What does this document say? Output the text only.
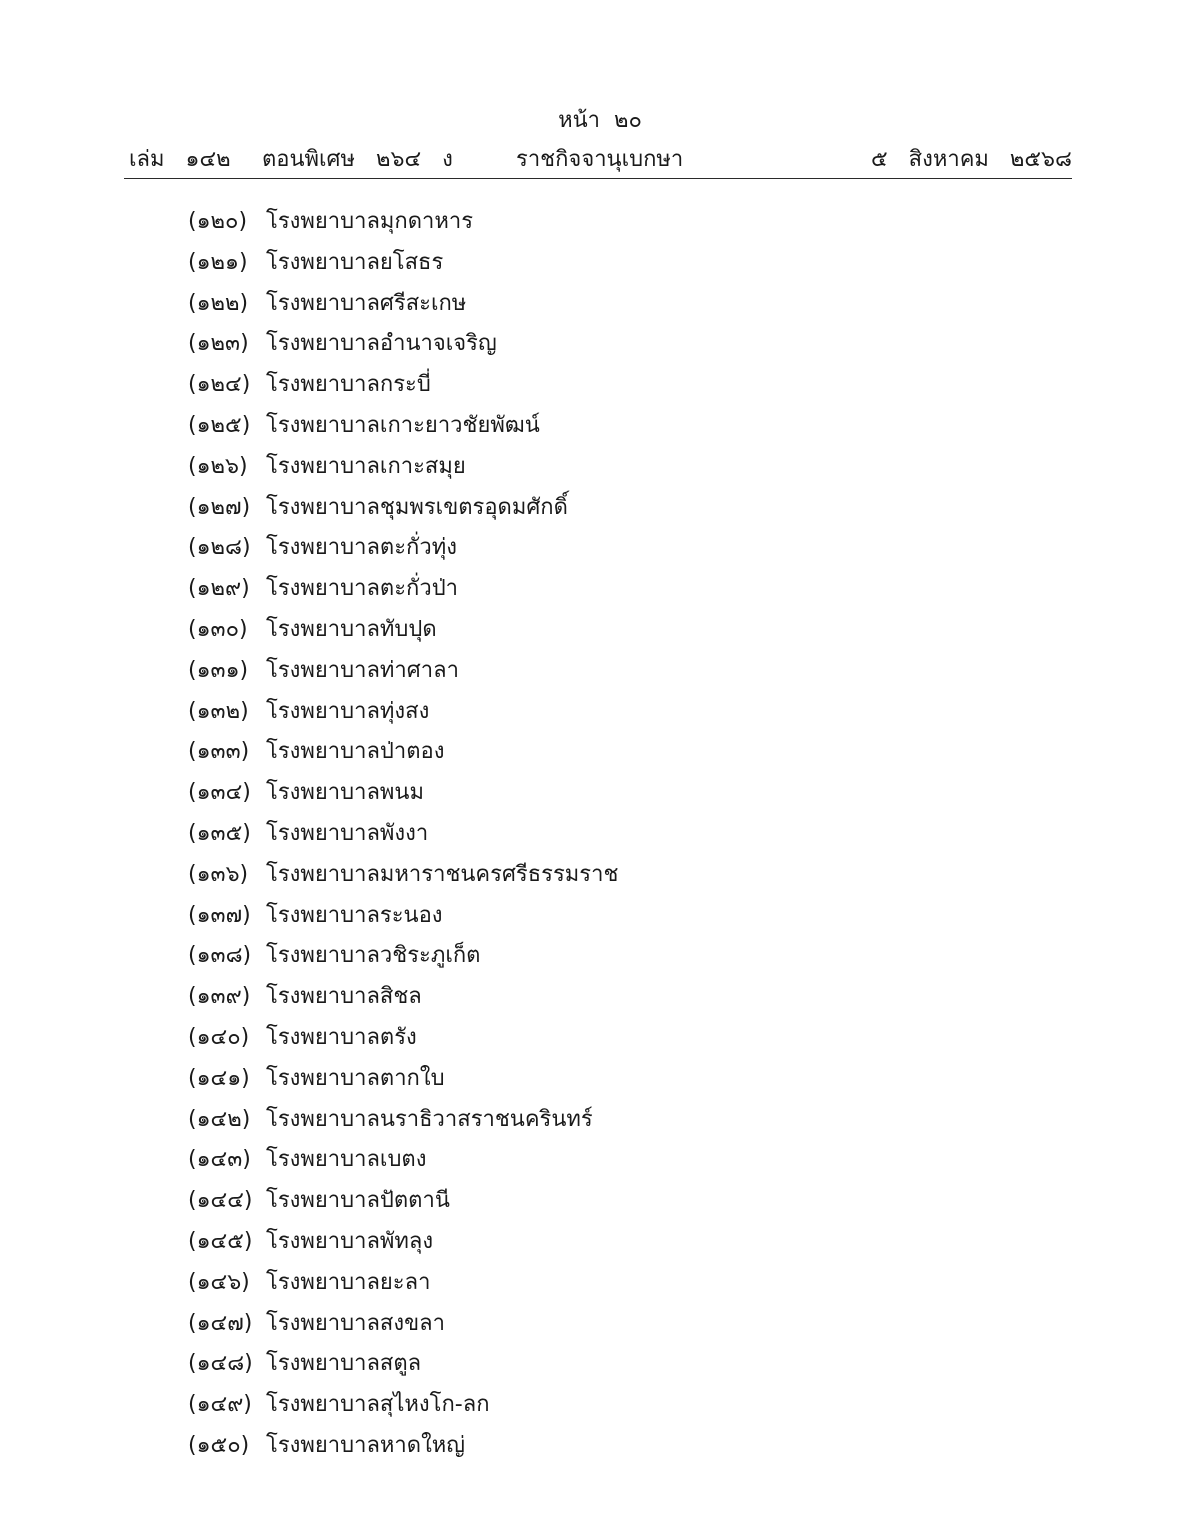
หน้า  ๒๐
เล่ม   ๑๔๒ ตอนพิเศษ   ๒๖๔   ง	ราชกิจจานุเบกษา	๕   สิงหาคม   ๒๕๖๘
(๑๒๐) โรงพยาบาลมุกดาหาร
(๑๒๑) โรงพยาบาลยโสธร
(๑๒๒) โรงพยาบาลศรีสะเกษ
(๑๒๓) โรงพยาบาลอำนาจเจริญ
(๑๒๔) โรงพยาบาลกระบี่
(๑๒๕) โรงพยาบาลเกาะยาวชัยพัฒน์
(๑๒๖) โรงพยาบาลเกาะสมุย
(๑๒๗) โรงพยาบาลชุมพรเขตรอุดมศักดิ์
(๑๒๘) โรงพยาบาลตะกั่วทุ่ง
(๑๒๙) โรงพยาบาลตะกั่วป่า
(๑๓๐) โรงพยาบาลทับปุด
(๑๓๑) โรงพยาบาลท่าศาลา
(๑๓๒) โรงพยาบาลทุ่งสง
(๑๓๓) โรงพยาบาลป่าตอง
(๑๓๔) โรงพยาบาลพนม
(๑๓๕) โรงพยาบาลพังงา
(๑๓๖) โรงพยาบาลมหาราชนครศรีธรรมราช
(๑๓๗) โรงพยาบาลระนอง
(๑๓๘) โรงพยาบาลวชิระภูเก็ต
(๑๓๙) โรงพยาบาลสิชล
(๑๔๐) โรงพยาบาลตรัง
(๑๔๑) โรงพยาบาลตากใบ
(๑๔๒) โรงพยาบาลนราธิวาสราชนครินทร์
(๑๔๓) โรงพยาบาลเบตง
(๑๔๔) โรงพยาบาลปัตตานี
(๑๔๕) โรงพยาบาลพัทลุง
(๑๔๖) โรงพยาบาลยะลา
(๑๔๗) โรงพยาบาลสงขลา
(๑๔๘) โรงพยาบาลสตูล
(๑๔๙) โรงพยาบาลสุไหงโก-ลก
(๑๕๐) โรงพยาบาลหาดใหญ่
